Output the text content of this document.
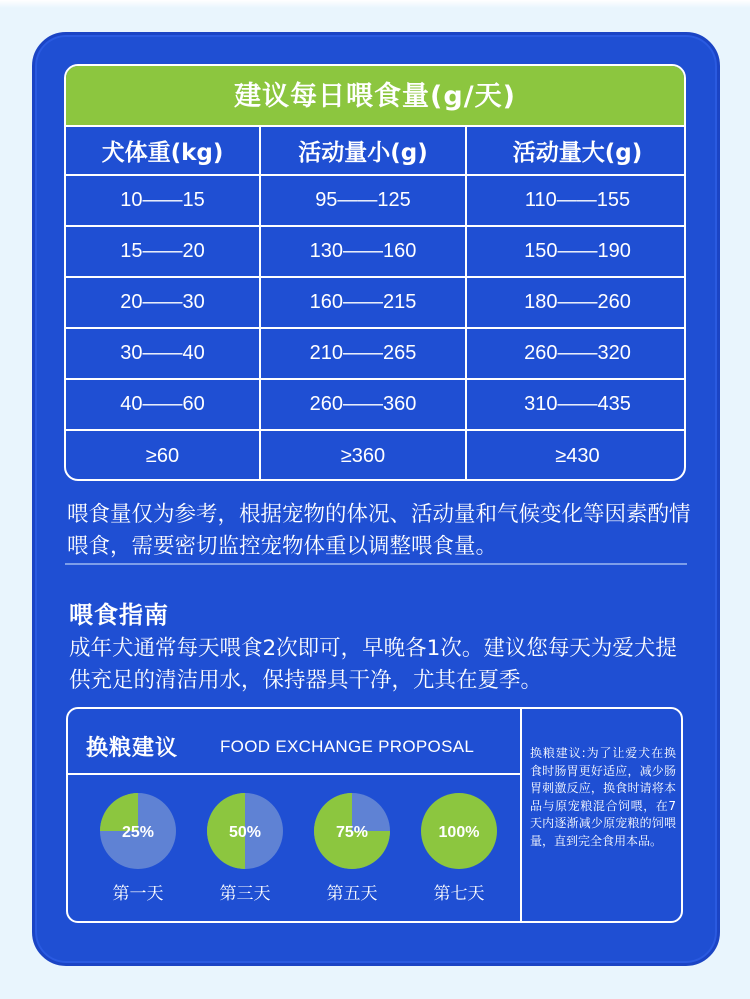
建议每日喂食量(g/天)
犬体重(kg)	活动量小(g)	活动量大(g)
10——15	95——125	110——155
15——20	130——160	150——190
20——30	160——215	180——260
30——40	210——265	260——320
40——60	260——360	310——435
≥60	≥360	≥430

喂食量仅为参考，根据宠物的体况、活动量和气候变化等因素酌情喂食，需要密切监控宠物体重以调整喂食量。

喂食指南

成年犬通常每天喂食2次即可，早晚各1次。建议您每天为爱犬提供充足的清洁用水，保持器具干净，尤其在夏季。

换粮建议 FOOD EXCHANGE PROPOSAL
25%
第一天
50%
第三天
75%
第五天
100%
第七天

换粮建议:为了让爱犬在换食时肠胃更好适应，减少肠胃刺激反应，换食时请将本品与原宠粮混合饲喂，在7天内逐渐减少原宠粮的饲喂量，直到完全食用本品。
